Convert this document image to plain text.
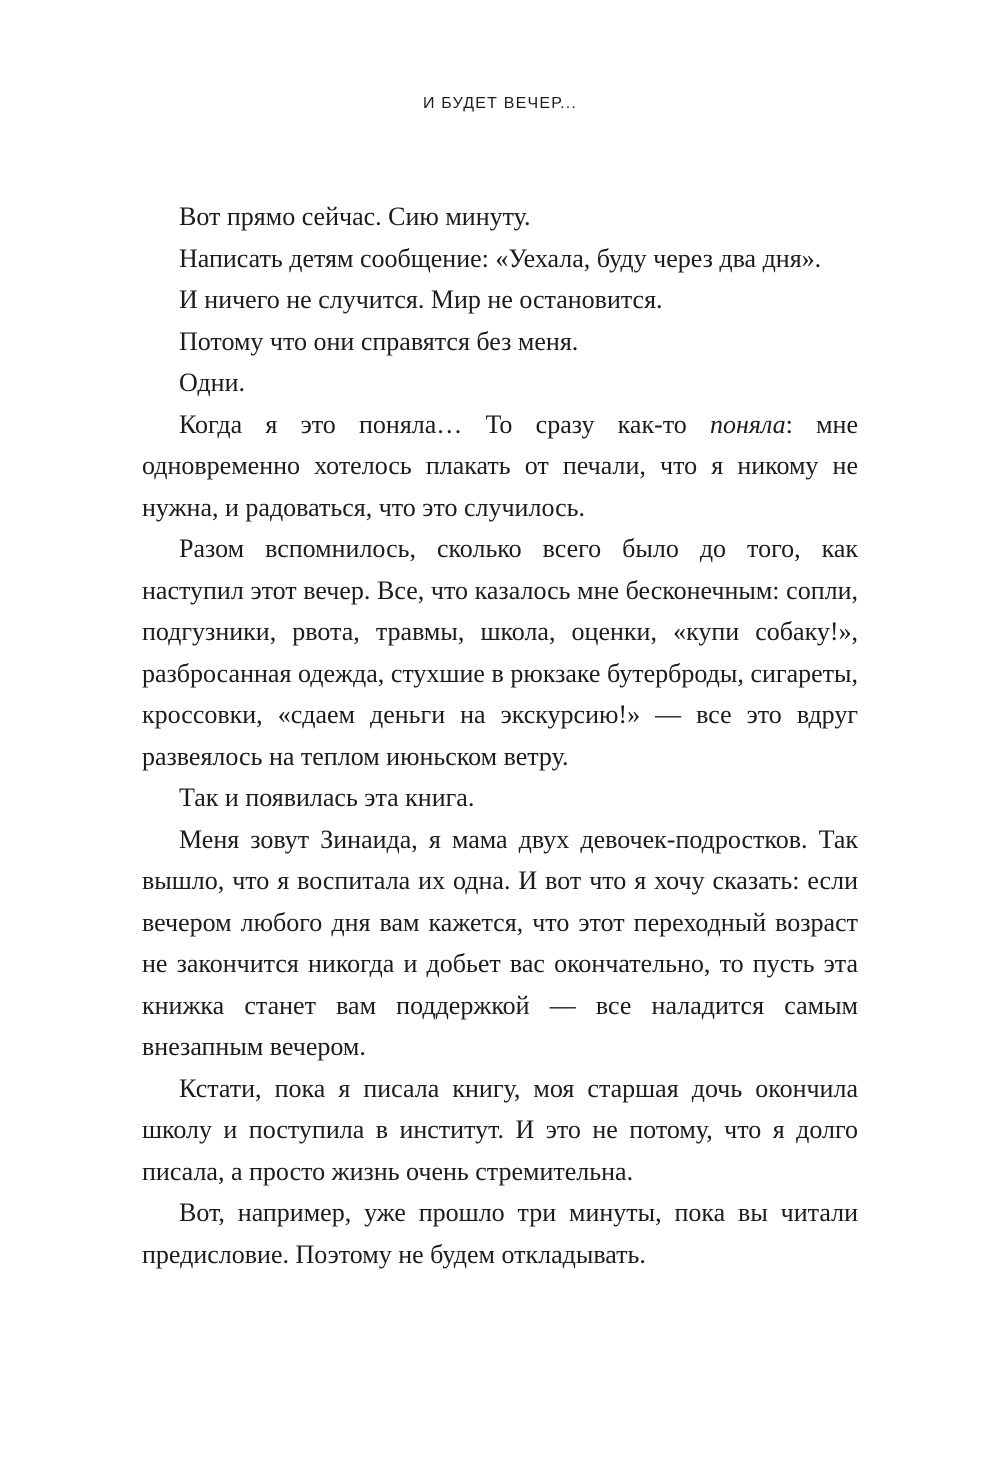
И БУДЕТ ВЕЧЕР...

Вот прямо сейчас. Сию минуту.

Написать детям сообщение: «Уехала, буду через два дня».

И ничего не случится. Мир не остановится.

Потому что они справятся без меня.

Одни.

Когда я это поняла… То сразу как-то поняла: мне одновременно хотелось плакать от печали, что я никому не нужна, и радоваться, что это случилось.

Разом вспомнилось, сколько всего было до того, как наступил этот вечер. Все, что казалось мне бесконечным: сопли, подгузники, рвота, травмы, школа, оценки, «купи собаку!», разбросанная одежда, стухшие в рюкзаке бутерброды, сигареты, кроссовки, «сдаем деньги на экскурсию!» — все это вдруг развеялось на теплом июньском ветру.

Так и появилась эта книга.

Меня зовут Зинаида, я мама двух девочек-подростков. Так вышло, что я воспитала их одна. И вот что я хочу сказать: если вечером любого дня вам кажется, что этот переходный возраст не закончится никогда и добьет вас окончательно, то пусть эта книжка станет вам поддержкой — все наладится самым внезапным вечером.

Кстати, пока я писала книгу, моя старшая дочь окончила школу и поступила в институт. И это не потому, что я долго писала, а просто жизнь очень стремительна.

Вот, например, уже прошло три минуты, пока вы читали предисловие. Поэтому не будем откладывать.
